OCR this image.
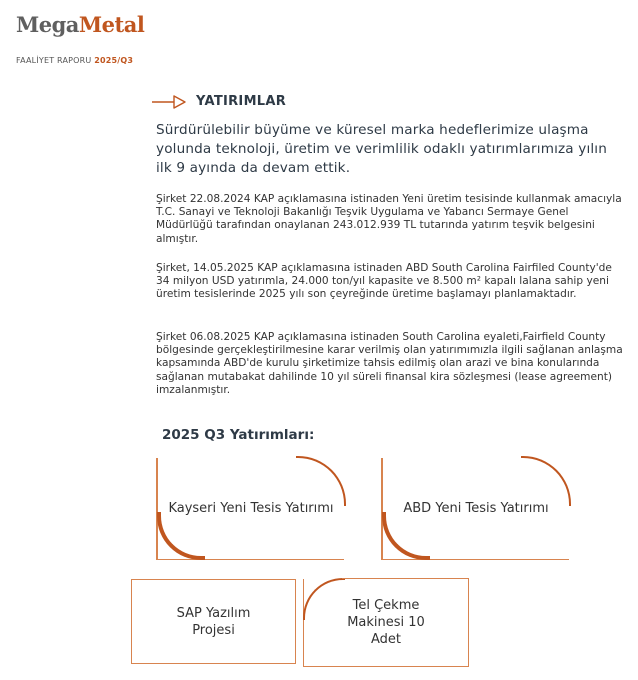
MegaMetal
FAALİYET RAPORU 2025/Q3
YATIRIMLAR
Sürdürülebilir büyüme ve küresel marka hedeflerimize ulaşma yolunda teknoloji, üretim ve verimlilik odaklı yatırımlarımıza yılın ilk 9 ayında da devam ettik.
Şirket 22.08.2024 KAP açıklamasına istinaden Yeni üretim tesisinde kullanmak amacıyla T.C. Sanayi ve Teknoloji Bakanlığı Teşvik Uygulama ve Yabancı Sermaye Genel Müdürlüğü tarafından onaylanan 243.012.939 TL tutarında yatırım teşvik belgesini almıştır.
Şirket, 14.05.2025 KAP açıklamasına istinaden ABD South Carolina Fairfiled County'de 34 milyon USD yatırımla, 24.000 ton/yıl kapasite ve 8.500 m² kapalı lalana sahip yeni üretim tesislerinde 2025 yılı son çeyreğinde üretime başlamayı planlamaktadır.
Şirket 06.08.2025 KAP açıklamasına istinaden South Carolina eyaleti,Fairfield County bölgesinde gerçekleştirilmesine karar verilmiş olan yatırımımızla ilgili sağlanan anlaşma kapsamında ABD'de kurulu şirketimize tahsis edilmiş olan arazi ve bina konularında sağlanan mutabakat dahilinde 10 yıl süreli finansal kira sözleşmesi (lease agreement) imzalanmıştır.
2025 Q3 Yatırımları:
Kayseri Yeni Tesis Yatırımı	ABD Yeni Tesis Yatırımı
SAP Yazılım Projesi
Tel Çekme Makinesi 10 Adet
